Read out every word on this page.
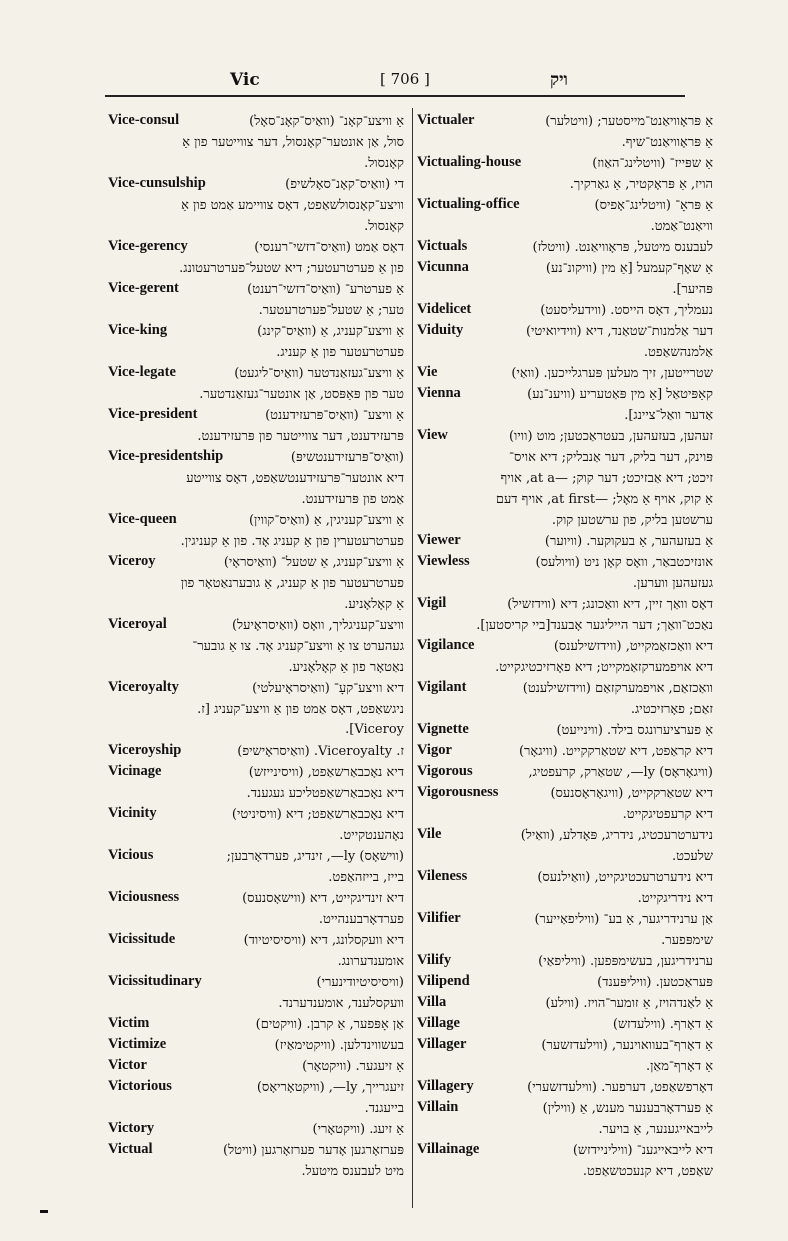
Vic	[ 706 ]	ויק
Vice-consul	אַ וויצע־קאָנ־ (וואַיס־קאָנ־סאָל)
סול, אַן אונטער־קאָנסול, דער צווייטער פון אַ
קאָנסול.
Vice-cunsulship	די (וואַיס־קאָנ־סאָלשיפ)
וויצע־קאָנסולשאַפט, דאָס צוויימע אַמט פון אַ
קאָנסול.
Vice-gerency	דאָס אַמט (וואַיס־דזשי־רענסי)
פון אַ פערטרעטער; דיא שטעל־פערטרעטונג.
Vice-gerent	אַ פערטרע־ (וואַיס־דזשי־רענט)
טער; אַ שטעל־פערטרעטער.
Vice-king	אַ וויצע־קעניג, אַ (וואַיס־קינג)
פערטרעטער פון אַ קעניג.
Vice-legate	אַ וויצע־געזאַנדטער (וואַיס־ליגעט)
טער פון פּאַפּסט, אַן אונטער־געזאַנדטער.
Vice-president	אַ וויצע־ (וואַיס־פּרעזידענט)
פּרעזידענט, דער צווייטער פון פּרעזידענט.
Vice-presidentship	(וואַיס־פּרעזידענטשיפּ)
דיא אונטער־פּרעזידענטשאַפט, דאָס צווייטע
אַמט פון פּרעזידענט.
Vice-queen	אַ וויצע־קעניגין, אַ (וואַיס־קווין)
פערטרעטערין פון אַ קעניג אָד. פון אַ קעניגין.
Viceroy	אַ וויצע־קעניג, אַ שטעל־ (וואַיסראָי)
פערטרעטער פון אַ קעניג, אַ גובערנאַטאָר פון
אַ קאָלאָניע.
Viceroyal	וויצע־קעניגליך, וואָס (וואַיסראָיעל)
געהערט צו אַ וויצע־קעניג אָד. צו אַ גובער־
נאַטאָר פון אַ קאָלאָניע.
Viceroyalty	דיא וויצע־קעָ־ (וואַיסראָיעלטי)
ניגשאַפט, דאָס אַמט פון אַ וויצע־קעניג [ז.
Viceroy].
Viceroyship	ז. Viceroyalty. (וואַיסראָישיפ)
Vicinage	דיא נאָכבאַרשאַפט, (וויסינייזש)
דיא נאָכבאַרשאַפטליכע געגענד.
Vicinity	דיא נאָכבאַרשאַפט; דיא (וויסיניטי)
נאָהענטקייט.
Vicious	(ווישאָס) ly—, זינדיג, פערדאָרבען;
בייז, בייזהאַפט.
Viciousness	דיא זינדיגקייט, דיא (ווישאָסנעס)
פערדאָרבענהייט.
Vicissitude	דיא וועקסלונג, דיא (וויסיסיטיוד)
אומענדערונג.
Vicissitudinary	(וויסיסיטיודינערי)
וועקסלענד, אומענדערנד.
Victim	אַן אָפּפער, אַ קרבן. (וויקטים)
Victimize	בעשווינדלען. (וויקטימאַיז)
Victor	אַ זיעגער. (וויקטאָר)
Victorious	זיעגרייך, ly—, (וויקטאָריאָס)
בייעגנד.
Victory	אַ זיעג. (וויקטאָרי)
Victual	פּערזאָרגען אָדער פערזאָרגען (וויטל)
מיט לעבענס מיטעל.
Victualer	אַ פּראָוויאַנט־מייסטער; (וויטלער)
אַ פּראָוויאַנט־שיף.
Victualing-house	אַ שפּייז־ (וויטלינג־האַוז)
הויז, אַ פּראָקטיר, אַ גאַרקיך.
Victualing-office	אַ פּראָ־ (וויטלינג־אָפיס)
וויאַנט־אַמט.
Victuals	לעבענס מיטעל, פּראָוויאַנט. (וויטלז)
Vicunna	אַ שאָף־קעמעל [אַ מין (וויקונ־נע)
פּהיער].
Videlicet	נעמליך, דאָס הייסט. (ווידעליסעט)
Viduity	דער אַלמנות־שטאַנד, דיא (ווידיואיטי)
אַלמנהשאַפט.
Vie	שטרייטען, זיך מעלען פּערגלייכען. (וואַי)
Vienna	קאַפּיטאַל [אַ מין פּאַטעריע (וויענ־נע)
אַדער וואַל־ציינג].
View	זעהען, בעזעהען, בעטראַכטען; מוט (וויו)
פּוינק, דער בליק, דער אַנבליק; דיא אויס־
זיכט; דיא אַבזיכט; דער קוק; —at a, אויף
אַ קוק, אויף אַ מאָל; —at first, אויף דעם
ערשטען בליק, פון ערשטען קוק.
Viewer	אַ בעזעהער, אַ בעקוקער. (וויוער)
Viewless	אונזיכטבאַר, וואָס קאָן ניט (וויולעס)
געזעהען ווערען.
Vigil	דאָס וואַך זיין, דיא וואַכונג; דיא (ווידזשיל)
נאַכט־וואַך; דער הייליגער אָבענד[ביי קריסטען].
Vigilance	דיא וואַכזאַמקייט, (ווידזשילענס)
דיא אויפמערקזאַמקייט; דיא פאָרזיכטיגקייט.
Vigilant	וואַכזאַם, אויפמערקזאַם (ווידזשילענט)
זאַם; פאָרזיכטיג.
Vignette	אַ פערציערונגס בילד. (ווינייעט)
Vigor	דיא קראַפט, דיא שטאַרקקייט. (וויגאָר)
Vigorous	(וויגאָראָס) ly—, שטאַרק, קרעפטיג,
Vigorousness	דיא שטאַרקקייט, (וויגאָראָסנעס)
דיא קרעפטיגקייט.
Vile	נידערטרעכטיג, נידריג, פּאָדלע, (וואַיל)
שלעכט.
Vileness	דיא נידערטרעכטיגקייט, (וואַילנעס)
דיא נידריגקייט.
Vilifier	אַן ערנידריגער, אַ בע־ (וויליפאַייער)
שימפּפער.
Vilify	ערנידריגען, בעשימפּפען. (וויליפאַי)
Vilipend	פּעראַכטען. (וויליפּענד)
Villa	אַ לאַנדהויז, אַ זומער־הויז. (ווילע)
Village	אַ דאָרף. (ווילעדזש)
Villager	אַ דאָרף־בעוואוינער, (ווילעדזשער)
אַ דאָרף־מאַן.
Villagery	דאָרפשאַפט, דערפער. (ווילעדזשערי)
Villain	אַ פערדאָרבענער מענש, אַ (ווילין)
לייבאייגענער, אַ בויער.
Villainage	דיא לייבאייגענ־ (וויליניידזש)
שאַפט, דיא קנעכטשאַפט.
